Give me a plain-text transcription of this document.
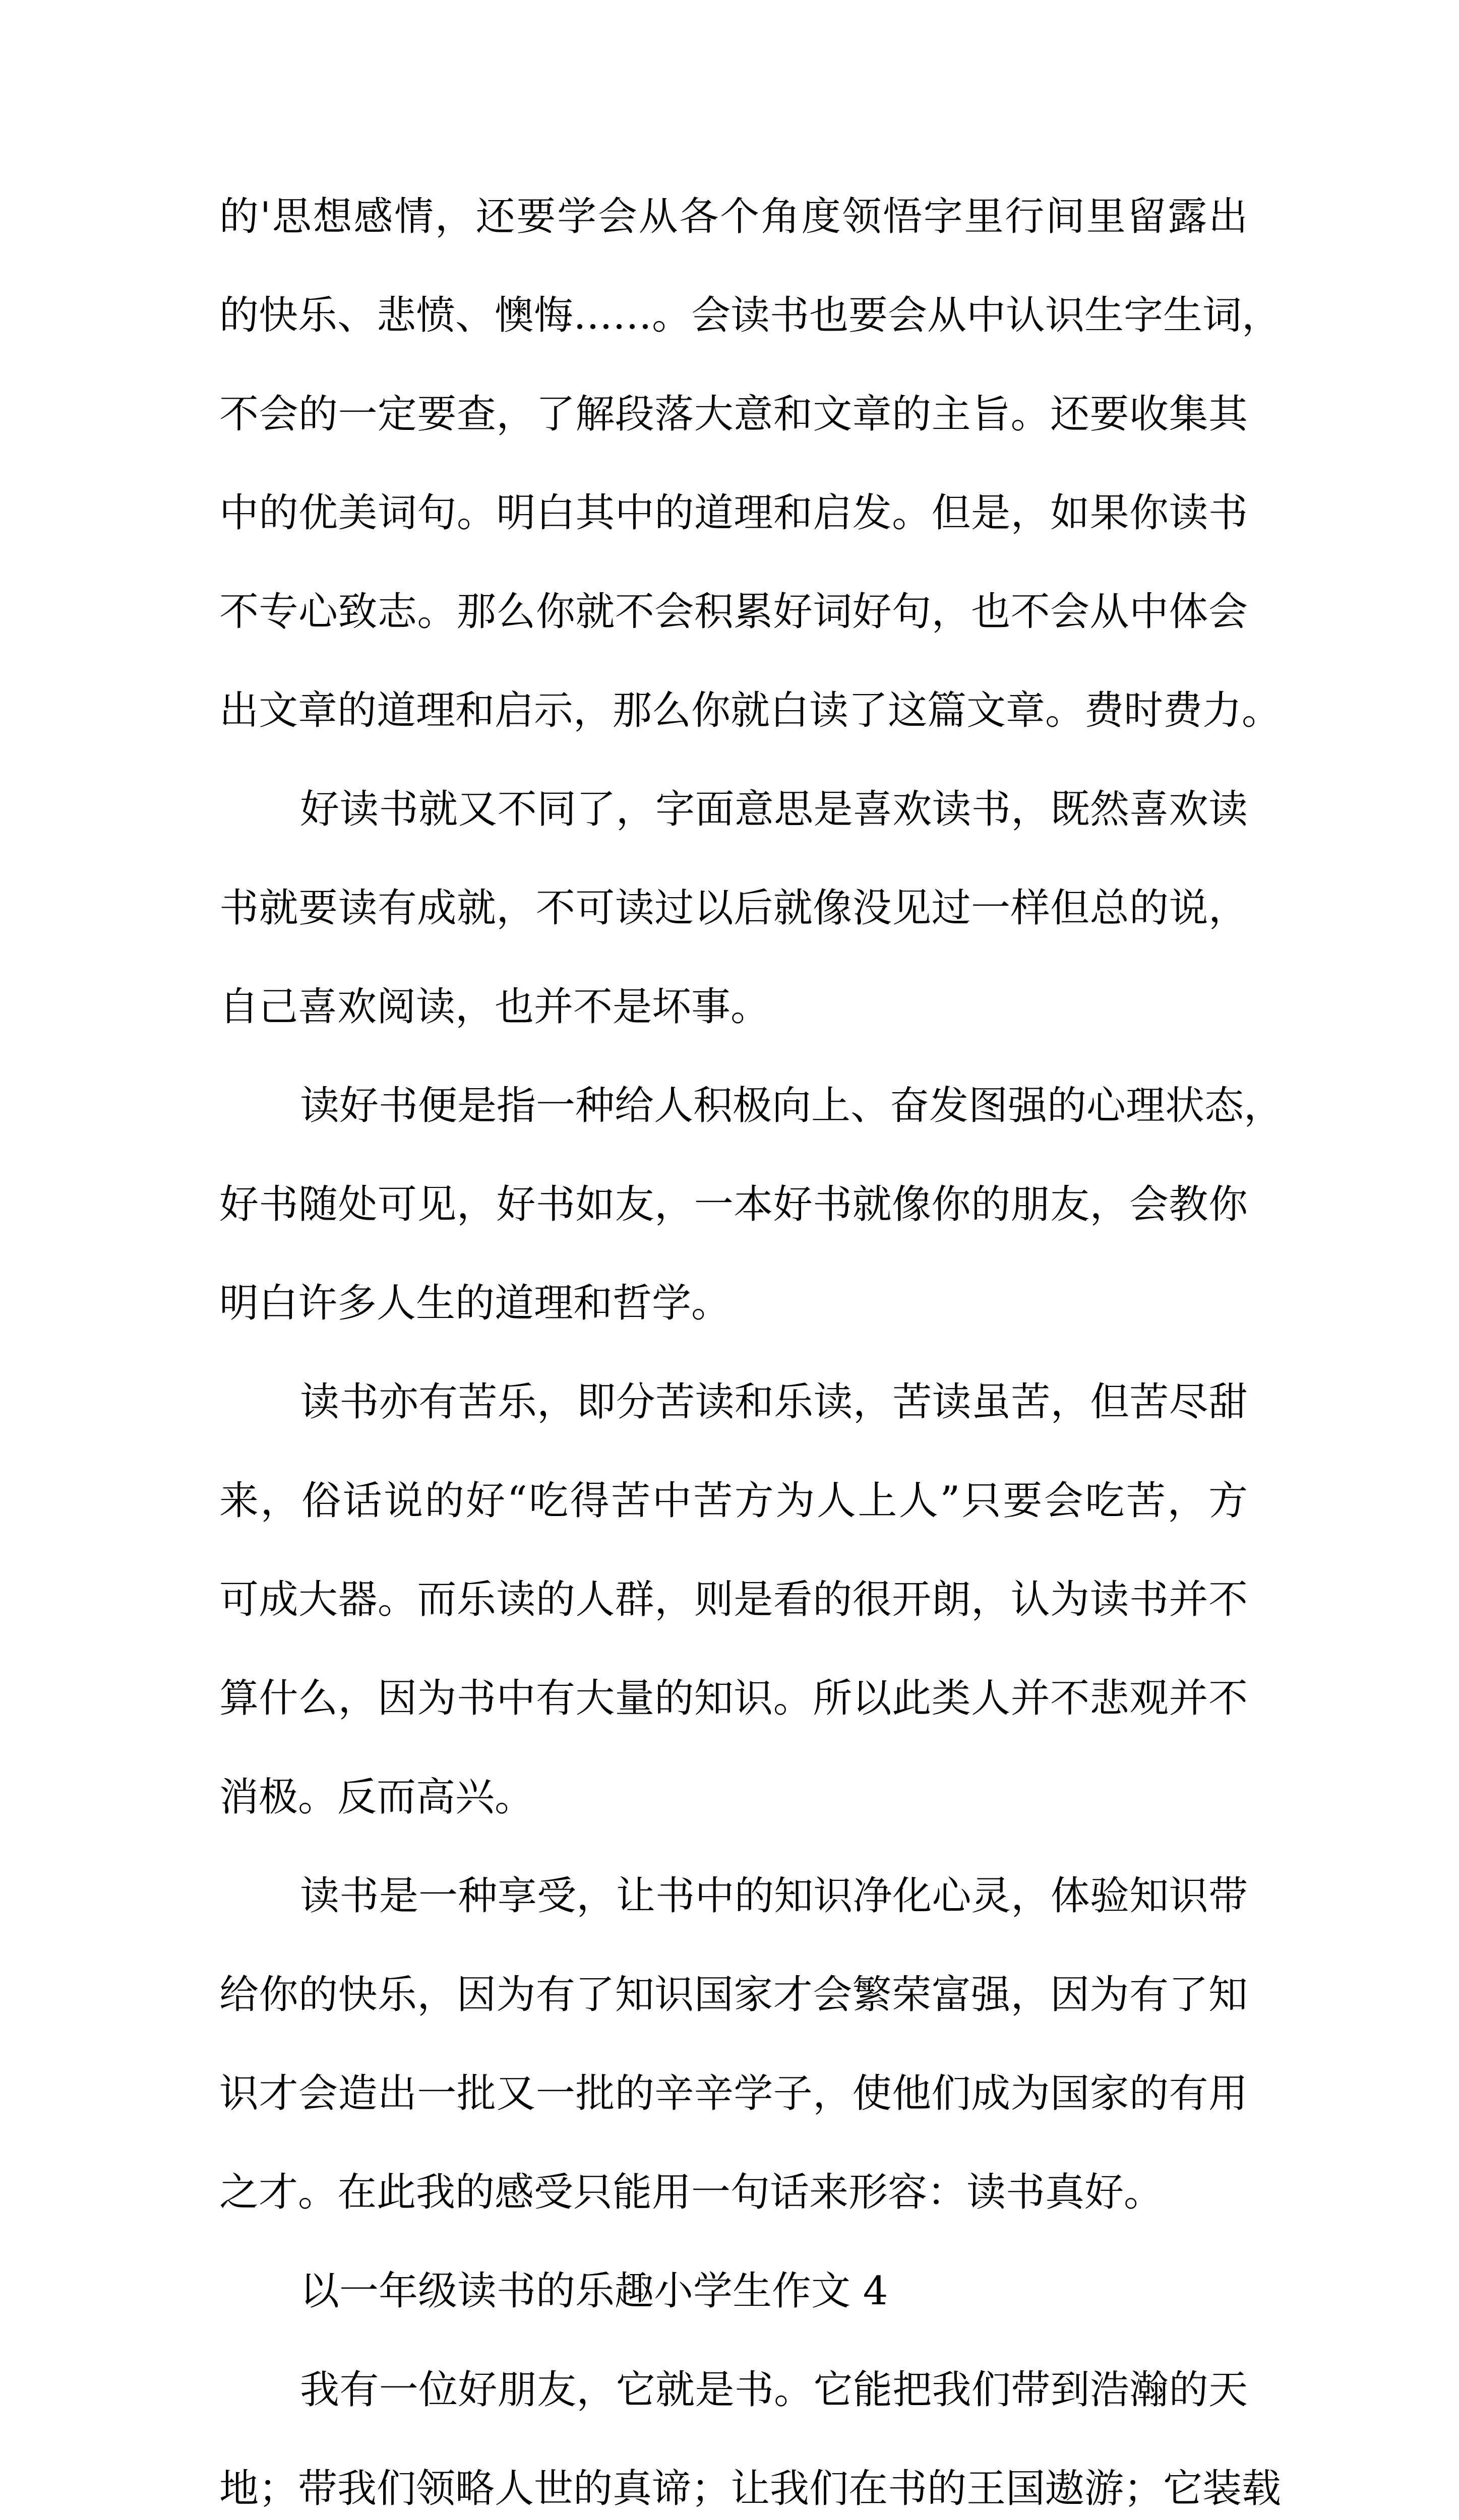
的'思想感情，还要学会从各个角度领悟字里行间里留露出
的快乐、悲愤、懊悔……。会读书也要会从中认识生字生词，
不会的一定要查，了解段落大意和文章的主旨。还要收集其
中的优美词句。明白其中的道理和启发。但是，如果你读书
不专心致志。那么你就不会积累好词好句，也不会从中体会
出文章的道理和启示，那么你就白读了这篇文章。费时费力。
好读书就又不同了，字面意思是喜欢读书，既然喜欢读
书就要读有成就，不可读过以后就像没见过一样但总的说，
自己喜欢阅读，也并不是坏事。
读好书便是指一种给人积极向上、奋发图强的心理状态，
好书随处可见，好书如友，一本好书就像你的朋友，会教你
明白许多人生的道理和哲学。
读书亦有苦乐，即分苦读和乐读，苦读虽苦，但苦尽甜
来，俗话说的好“吃得苦中苦方为人上人”只要会吃苦，方
可成大器。而乐读的人群，则是看的很开朗，认为读书并不
算什么，因为书中有大量的知识。所以此类人并不悲观并不
消极。反而高兴。
读书是一种享受，让书中的知识净化心灵，体验知识带
给你的快乐，因为有了知识国家才会繁荣富强，因为有了知
识才会造出一批又一批的辛辛学子，使他们成为国家的有用
之才。在此我的感受只能用一句话来形容：读书真好。
以一年级读书的乐趣小学生作文 4
我有一位好朋友，它就是书。它能把我们带到浩瀚的天
地；带我们领略人世的真谛；让我们在书的王国遨游；它装载
